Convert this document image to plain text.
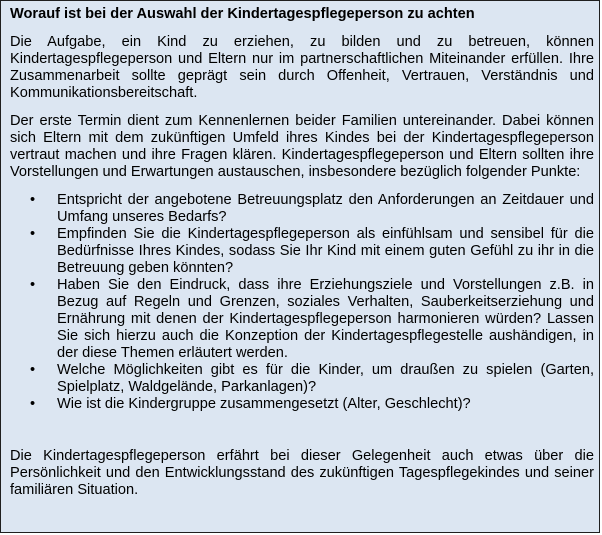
Worauf ist bei der Auswahl der Kindertagespflegeperson zu achten

Die Aufgabe, ein Kind zu erziehen, zu bilden und zu betreuen, können Kindertagespflegeperson und Eltern nur im partnerschaftlichen Miteinander erfüllen. Ihre Zusammenarbeit sollte geprägt sein durch Offenheit, Vertrauen, Verständnis und Kommunikationsbereitschaft.

Der erste Termin dient zum Kennenlernen beider Familien untereinander. Dabei können sich Eltern mit dem zukünftigen Umfeld ihres Kindes bei der Kindertagespflegeperson vertraut machen und ihre Fragen klären. Kindertagespflegeperson und Eltern sollten ihre Vorstellungen und Erwartungen austauschen, insbesondere bezüglich folgender Punkte:

• Entspricht der angebotene Betreuungsplatz den Anforderungen an Zeitdauer und Umfang unseres Bedarfs?
• Empfinden Sie die Kindertagespflegeperson als einfühlsam und sensibel für die Bedürfnisse Ihres Kindes, sodass Sie Ihr Kind mit einem guten Gefühl zu ihr in die Betreuung geben könnten?
• Haben Sie den Eindruck, dass ihre Erziehungsziele und Vorstellungen z.B. in Bezug auf Regeln und Grenzen, soziales Verhalten, Sauberkeitserziehung und Ernährung mit denen der Kindertagespflegeperson harmonieren würden? Lassen Sie sich hierzu auch die Konzeption der Kindertagespflegestelle aushändigen, in der diese Themen erläutert werden.
• Welche Möglichkeiten gibt es für die Kinder, um draußen zu spielen (Garten, Spielplatz, Waldgelände, Parkanlagen)?
• Wie ist die Kindergruppe zusammengesetzt (Alter, Geschlecht)?

Die Kindertagespflegeperson erfährt bei dieser Gelegenheit auch etwas über die Persönlichkeit und den Entwicklungsstand des zukünftigen Tagespflegekindes und seiner familiären Situation.
